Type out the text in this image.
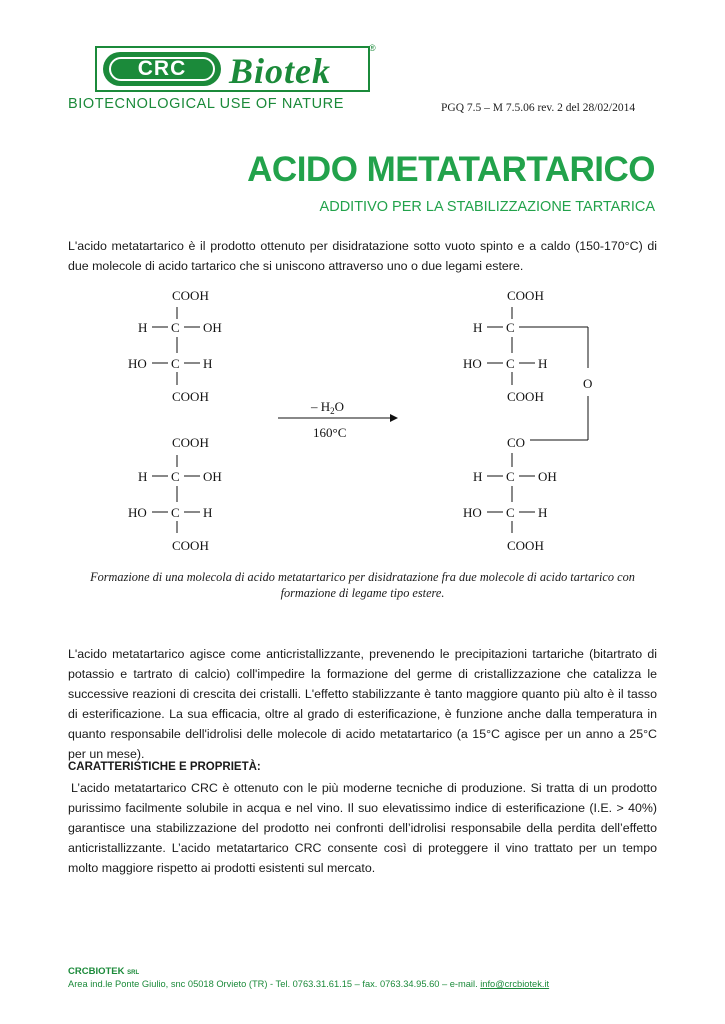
CRC	Biotek
®
BIOTECNOLOGICAL USE OF NATURE	PGQ 7.5 – M 7.5.06 rev. 2 del 28/02/2014
ACIDO METATARTARICO
ADDITIVO PER LA STABILIZZAZIONE TARTARICA
L'acido metatartarico è il prodotto ottenuto per disidratazione sotto vuoto spinto e a caldo (150-170°C) di due molecole di acido tartarico che si uniscono attraverso uno o due legami estere.
COOH
H C OH
HO C H
COOH
COOH
H C OH
HO C H
COOH
– $H_2O$
160°C
COOH
H C
HO C H
COOH
O
CO
H C OH
HO C H
COOH
Formazione di una molecola di acido metatartarico per disidratazione fra due molecole di acido tartarico con formazione di legame tipo estere.
L'acido metatartarico agisce come anticristallizzante, prevenendo le precipitazioni tartariche (bitartrato di potassio e tartrato di calcio) coll'impedire la formazione del germe di cristallizzazione che catalizza le successive reazioni di crescita dei cristalli. L'effetto stabilizzante è tanto maggiore quanto più alto è il tasso di esterificazione. La sua efficacia, oltre al grado di esterificazione, è funzione anche dalla temperatura in quanto responsabile dell'idrolisi delle molecole di acido metatartarico (a 15°C agisce per un anno a 25°C per un mese).
CARATTERISTICHE E PROPRIETÀ:
L’acido metatartarico CRC è ottenuto con le più moderne tecniche di produzione. Si tratta di un prodotto purissimo facilmente solubile in acqua e nel vino. Il suo elevatissimo indice di esterificazione (I.E. > 40%) garantisce una stabilizzazione del prodotto nei confronti dell’idrolisi responsabile della perdita dell’effetto anticristallizzante. L’acido metatartarico CRC consente così di proteggere il vino trattato per un tempo molto maggiore rispetto ai prodotti esistenti sul mercato.
CRCBIOTEK SRL
Area ind.le Ponte Giulio, snc 05018 Orvieto (TR) - Tel. 0763.31.61.15 – fax. 0763.34.95.60 – e-mail. info@crcbiotek.it
